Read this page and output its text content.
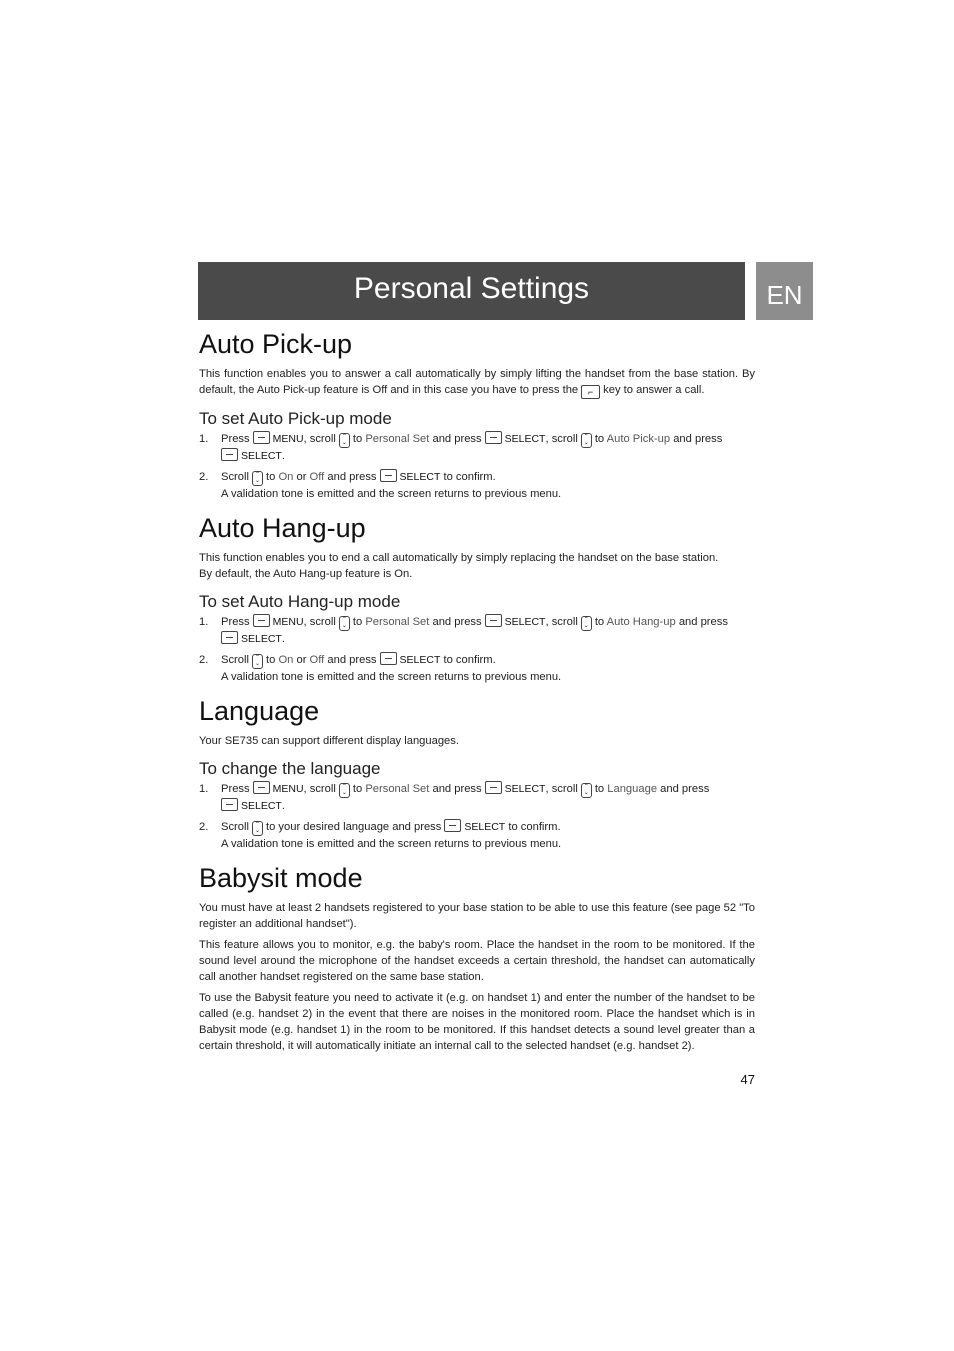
Personal Settings	EN
Auto Pick-up

This function enables you to answer a call automatically by simply lifting the handset from the base station. By default, the Auto Pick-up feature is Off and in this case you have to press the ⌐ key to answer a call.

To set Auto Pick-up mode
1. Press MENU, scroll ⌃
⌄ to Personal Set and press SELECT, scroll ⌃
⌄ to Auto Pick-up and press
SELECT.
2. Scroll ⌃
⌄ to On or Off and press SELECT to confirm.
A validation tone is emitted and the screen returns to previous menu.
Auto Hang-up

This function enables you to end a call automatically by simply replacing the handset on the base station.
By default, the Auto Hang-up feature is On.

To set Auto Hang-up mode
1. Press MENU, scroll ⌃
⌄ to Personal Set and press SELECT, scroll ⌃
⌄ to Auto Hang-up and press
SELECT.
2. Scroll ⌃
⌄ to On or Off and press SELECT to confirm.
A validation tone is emitted and the screen returns to previous menu.
Language

Your SE735 can support different display languages.

To change the language
1. Press MENU, scroll ⌃
⌄ to Personal Set and press SELECT, scroll ⌃
⌄ to Language and press
SELECT.
2. Scroll ⌃
⌄ to your desired language and press SELECT to confirm.
A validation tone is emitted and the screen returns to previous menu.
Babysit mode

You must have at least 2 handsets registered to your base station to be able to use this feature (see page 52 "To register an additional handset").

This feature allows you to monitor, e.g. the baby's room. Place the handset in the room to be monitored. If the sound level around the microphone of the handset exceeds a certain threshold, the handset can automatically call another handset registered on the same base station.

To use the Babysit feature you need to activate it (e.g. on handset 1) and enter the number of the handset to be called (e.g. handset 2) in the event that there are noises in the monitored room. Place the handset which is in Babysit mode (e.g. handset 1) in the room to be monitored. If this handset detects a sound level greater than a certain threshold, it will automatically initiate an internal call to the selected handset (e.g. handset 2).

47
